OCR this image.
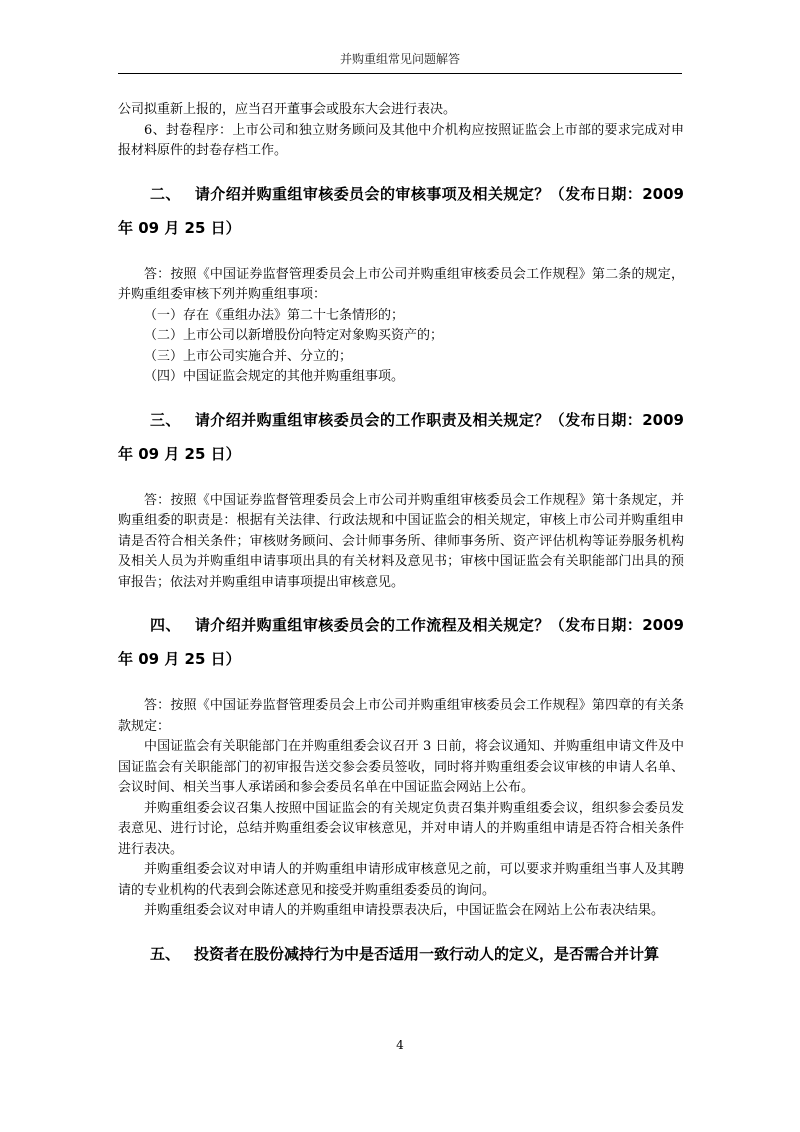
并购重组常见问题解答

公司拟重新上报的，应当召开董事会或股东大会进行表决。

6、封卷程序：上市公司和独立财务顾问及其他中介机构应按照证监会上市部的要求完成对申报材料原件的封卷存档工作。

二、 请介绍并购重组审核委员会的审核事项及相关规定？（发布日期：2009年 09 月 25 日）

答：按照《中国证券监督管理委员会上市公司并购重组审核委员会工作规程》第二条的规定，并购重组委审核下列并购重组事项：

（一）存在《重组办法》第二十七条情形的；

（二）上市公司以新增股份向特定对象购买资产的；

（三）上市公司实施合并、分立的；

（四）中国证监会规定的其他并购重组事项。

三、 请介绍并购重组审核委员会的工作职责及相关规定？（发布日期：2009年 09 月 25 日）

答：按照《中国证券监督管理委员会上市公司并购重组审核委员会工作规程》第十条规定，并购重组委的职责是：根据有关法律、行政法规和中国证监会的相关规定，审核上市公司并购重组申请是否符合相关条件；审核财务顾问、会计师事务所、律师事务所、资产评估机构等证券服务机构及相关人员为并购重组申请事项出具的有关材料及意见书；审核中国证监会有关职能部门出具的预审报告；依法对并购重组申请事项提出审核意见。

四、 请介绍并购重组审核委员会的工作流程及相关规定？（发布日期：2009年 09 月 25 日）

答：按照《中国证券监督管理委员会上市公司并购重组审核委员会工作规程》第四章的有关条款规定：

中国证监会有关职能部门在并购重组委会议召开 3 日前，将会议通知、并购重组申请文件及中国证监会有关职能部门的初审报告送交参会委员签收，同时将并购重组委会议审核的申请人名单、会议时间、相关当事人承诺函和参会委员名单在中国证监会网站上公布。

并购重组委会议召集人按照中国证监会的有关规定负责召集并购重组委会议，组织参会委员发表意见、进行讨论，总结并购重组委会议审核意见，并对申请人的并购重组申请是否符合相关条件进行表决。

并购重组委会议对申请人的并购重组申请形成审核意见之前，可以要求并购重组当事人及其聘请的专业机构的代表到会陈述意见和接受并购重组委委员的询问。

并购重组委会议对申请人的并购重组申请投票表决后，中国证监会在网站上公布表决结果。

五、 投资者在股份减持行为中是否适用一致行动人的定义，是否需合并计算

4
